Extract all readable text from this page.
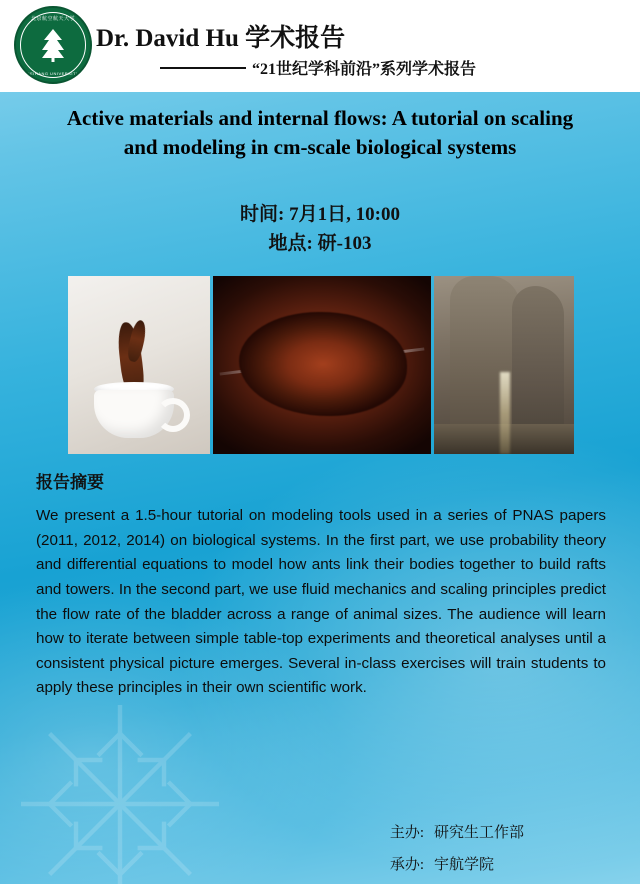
北京航空航天大学
BEIHANG UNIVERSITY
Dr. David Hu 学术报告
“21世纪学科前沿”系列学术报告
Active materials and internal flows: A tutorial on scaling
and modeling in cm-scale biological systems
时间: 7月1日, 10:00
地点: 研-103
报告摘要
We present a 1.5-hour tutorial on modeling tools used in a series of PNAS papers (2011, 2012, 2014) on biological systems. In the first part, we use probability theory and differential equations to model how ants link their bodies together to build rafts and towers. In the second part, we use fluid mechanics and scaling principles predict the flow rate of the bladder across a range of animal sizes. The audience will learn how to iterate between simple table-top experiments and theoretical analyses until a consistent physical picture emerges. Several in-class exercises will train students to apply these principles in their own scientific work.
主办: 研究生工作部
承办: 宇航学院
